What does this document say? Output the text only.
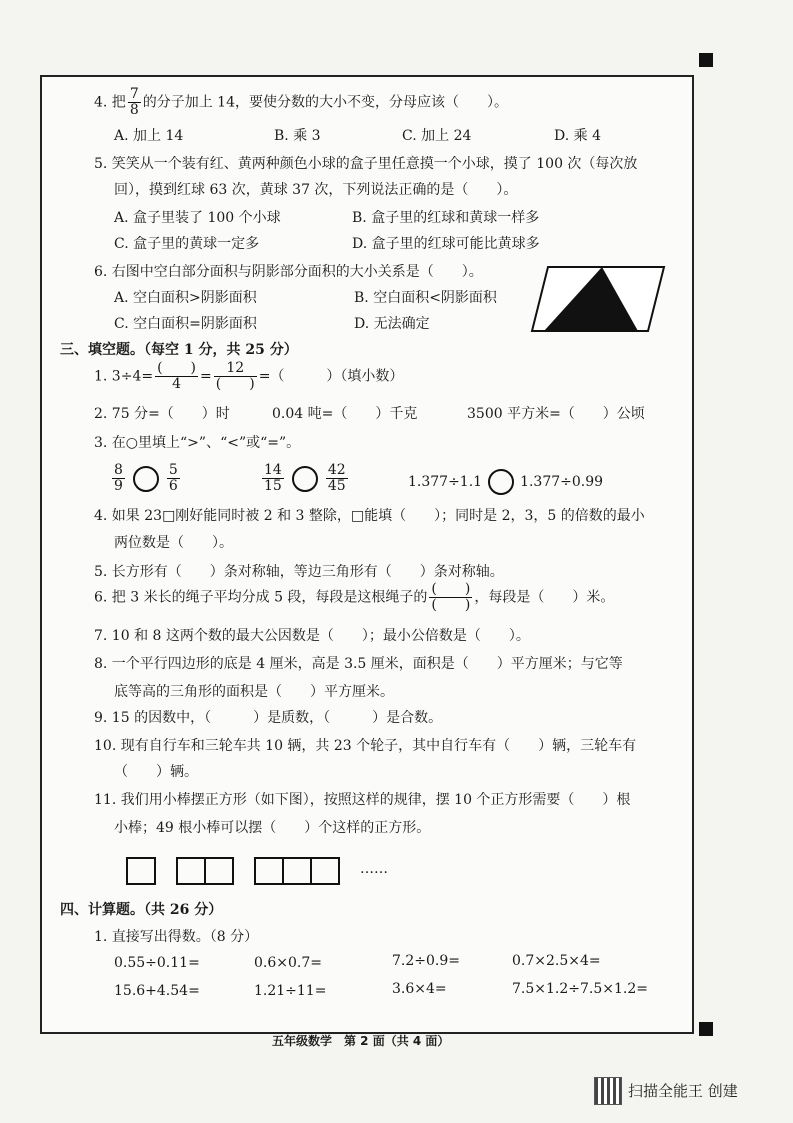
4. 把 $\frac{7}{8}$ 的分子加上 14，要使分数的大小不变，分母应该（　　）。
A. 加上 14	B. 乘 3	C. 加上 24	D. 乘 4
5. 笑笑从一个装有红、黄两种颜色小球的盒子里任意摸一个小球，摸了 100 次（每次放
回），摸到红球 63 次，黄球 37 次，下列说法正确的是（　　）。
A. 盒子里装了 100 个小球	B. 盒子里的红球和黄球一样多
C. 盒子里的黄球一定多	D. 盒子里的红球可能比黄球多
6. 右图中空白部分面积与阴影部分面积的大小关系是（　　）。
A. 空白面积>阴影面积	B. 空白面积<阴影面积
C. 空白面积=阴影面积	D. 无法确定
三、填空题。（每空 1 分，共 25 分）
1. $3\div 4= \frac{( )}{4} = \frac{12}{( )}$ =（　　　）（填小数）
2. 75 分=（　　）时	0.04 吨=（　　）千克	3500 平方米=（　　）公顷
3. 在○里填上“>”、“<”或“=”。
$\frac{8}{9}$	$\frac{5}{6}$	$\frac{14}{15}$	$\frac{42}{45}$	1.377÷1.1	1.377÷0.99
4. 如果 23□刚好能同时被 2 和 3 整除，□能填（　　）；同时是 2，3，5 的倍数的最小
两位数是（　　）。
5. 长方形有（　　）条对称轴，等边三角形有（　　）条对称轴。
6. 把 3 米长的绳子平均分成 5 段，每段是这根绳子的 $\frac{( )}{( )}$ ，每段是（　　）米。
7. 10 和 8 这两个数的最大公因数是（　　）；最小公倍数是（　　）。
8. 一个平行四边形的底是 4 厘米，高是 3.5 厘米，面积是（　　）平方厘米；与它等
底等高的三角形的面积是（　　）平方厘米。
9. 15 的因数中，（　　　）是质数，（　　　）是合数。
10. 现有自行车和三轮车共 10 辆，共 23 个轮子，其中自行车有（　　）辆，三轮车有
（　　）辆。
11. 我们用小棒摆正方形（如下图），按照这样的规律，摆 10 个正方形需要（　　）根
小棒；49 根小棒可以摆（　　）个这样的正方形。
……
四、计算题。（共 26 分）
1. 直接写出得数。（8 分）
0.55÷0.11=	0.6×0.7=	7.2÷0.9=	0.7×2.5×4=
15.6+4.54=	1.21÷11=	3.6×4=	7.5×1.2÷7.5×1.2=
五年级数学　第 2 面（共 4 面）
扫描全能王 创建
